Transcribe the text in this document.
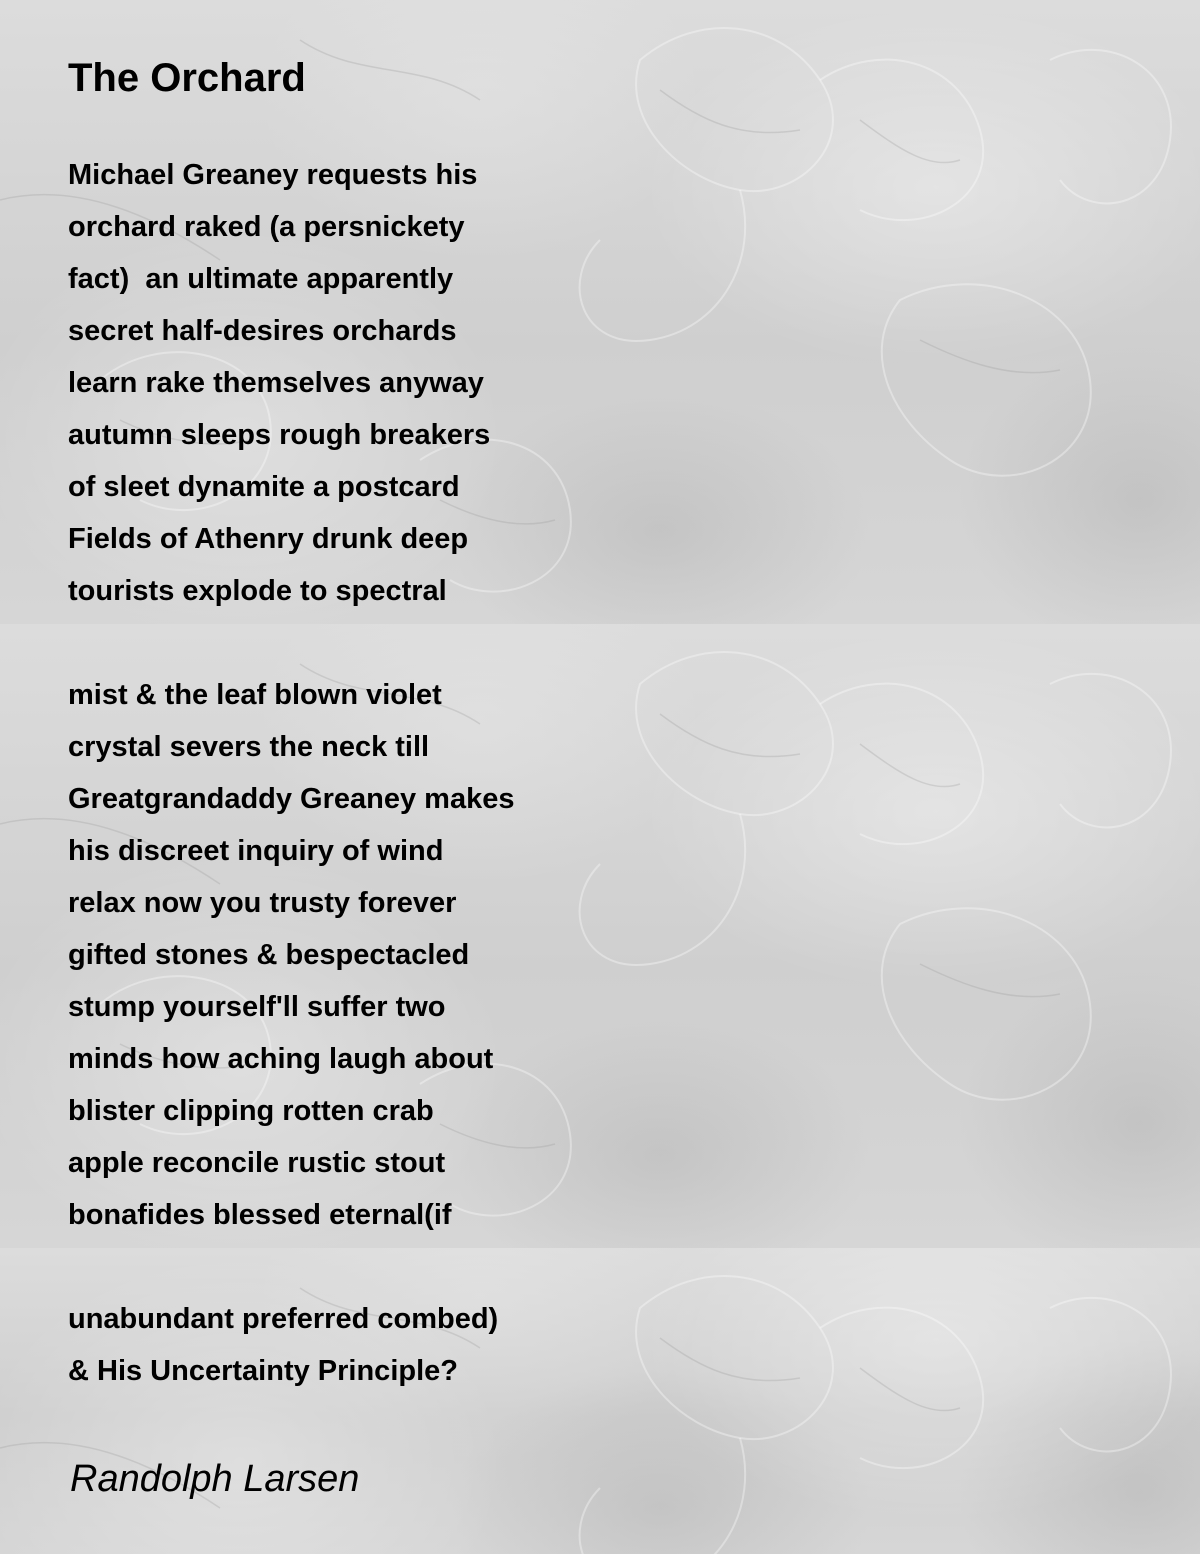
The Orchard
Michael Greaney requests his
orchard raked (a persnickety
fact)  an ultimate apparently
secret half-desires orchards
learn rake themselves anyway
autumn sleeps rough breakers
of sleet dynamite a postcard
Fields of Athenry drunk deep
tourists explode to spectral
mist & the leaf blown violet
crystal severs the neck till
Greatgrandaddy Greaney makes
his discreet inquiry of wind
relax now you trusty forever
gifted stones & bespectacled
stump yourself'll suffer two
minds how aching laugh about
blister clipping rotten crab
apple reconcile rustic stout
bonafides blessed eternal(if
unabundant preferred combed)
& His Uncertainty Principle?
Randolph Larsen
